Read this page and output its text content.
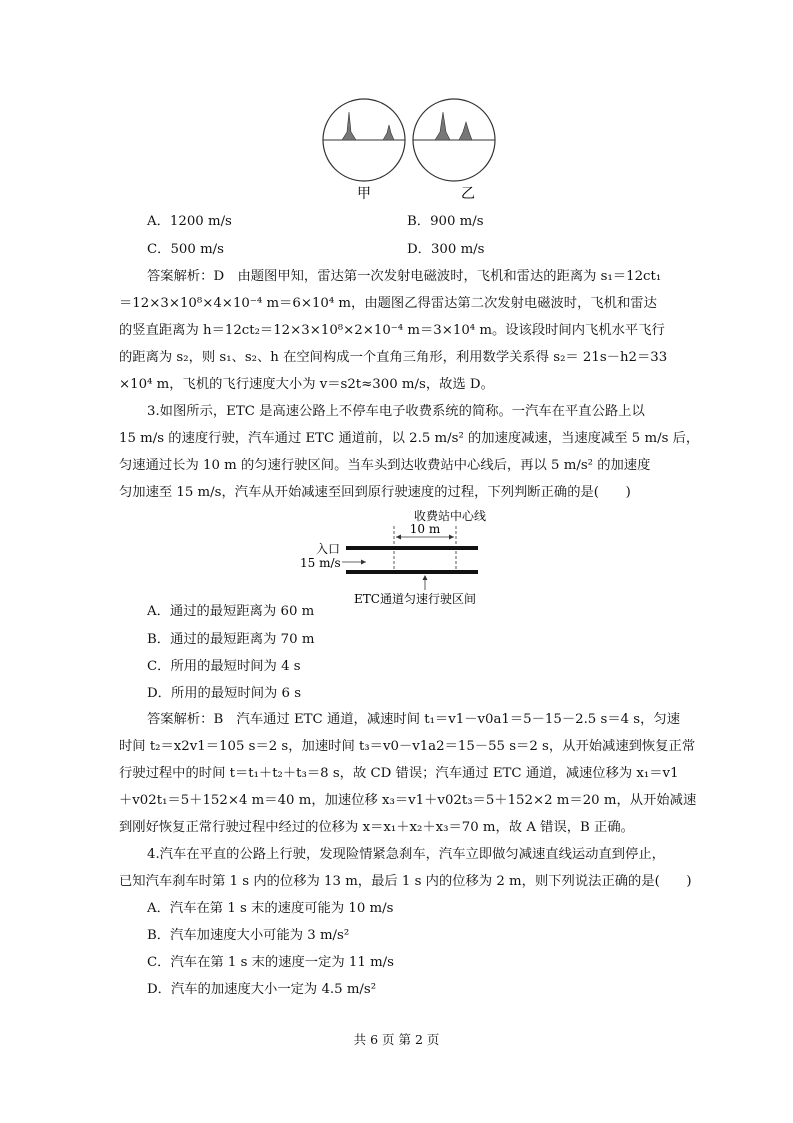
甲	乙
A．1200 m/s	B．900 m/s
C．500 m/s	D．300 m/s
答案解析：D　由题图甲知，雷达第一次发射电磁波时，飞机和雷达的距离为 s₁＝12ct₁
＝12×3×10⁸×4×10⁻⁴ m＝6×10⁴ m，由题图乙得雷达第二次发射电磁波时，飞机和雷达
的竖直距离为 h＝12ct₂＝12×3×10⁸×2×10⁻⁴ m＝3×10⁴ m。设该段时间内飞机水平飞行
的距离为 s₂，则 s₁、s₂、h 在空间构成一个直角三角形，利用数学关系得 s₂＝ 21s－h2＝33
×10⁴ m，飞机的飞行速度大小为 v＝s2t≈300 m/s，故选 D。
3.如图所示，ETC 是高速公路上不停车电子收费系统的简称。一汽车在平直公路上以
15 m/s 的速度行驶，汽车通过 ETC 通道前，以 2.5 m/s² 的加速度减速，当速度减至 5 m/s 后，
匀速通过长为 10 m 的匀速行驶区间。当车头到达收费站中心线后，再以 5 m/s² 的加速度
匀加速至 15 m/s，汽车从开始减速至回到原行驶速度的过程，下列判断正确的是(　　)
收费站中心线
10 m
入口
15 m/s
ETC通道匀速行驶区间
A．通过的最短距离为 60 m
B．通过的最短距离为 70 m
C．所用的最短时间为 4 s
D．所用的最短时间为 6 s
答案解析：B　汽车通过 ETC 通道，减速时间 t₁＝v1－v0a1＝5－15－2.5 s＝4 s，匀速
时间 t₂＝x2v1＝105 s＝2 s，加速时间 t₃＝v0－v1a2＝15－55 s＝2 s，从开始减速到恢复正常
行驶过程中的时间 t＝t₁＋t₂＋t₃＝8 s，故 CD 错误；汽车通过 ETC 通道，减速位移为 x₁＝v1
＋v02t₁＝5＋152×4 m＝40 m，加速位移 x₃＝v1＋v02t₃＝5＋152×2 m＝20 m，从开始减速
到刚好恢复正常行驶过程中经过的位移为 x＝x₁＋x₂＋x₃＝70 m，故 A 错误，B 正确。
4.汽车在平直的公路上行驶，发现险情紧急刹车，汽车立即做匀减速直线运动直到停止，
已知汽车刹车时第 1 s 内的位移为 13 m，最后 1 s 内的位移为 2 m，则下列说法正确的是(　　)
A．汽车在第 1 s 末的速度可能为 10 m/s
B．汽车加速度大小可能为 3 m/s²
C．汽车在第 1 s 末的速度一定为 11 m/s
D．汽车的加速度大小一定为 4.5 m/s²
共 6 页 第 2 页
